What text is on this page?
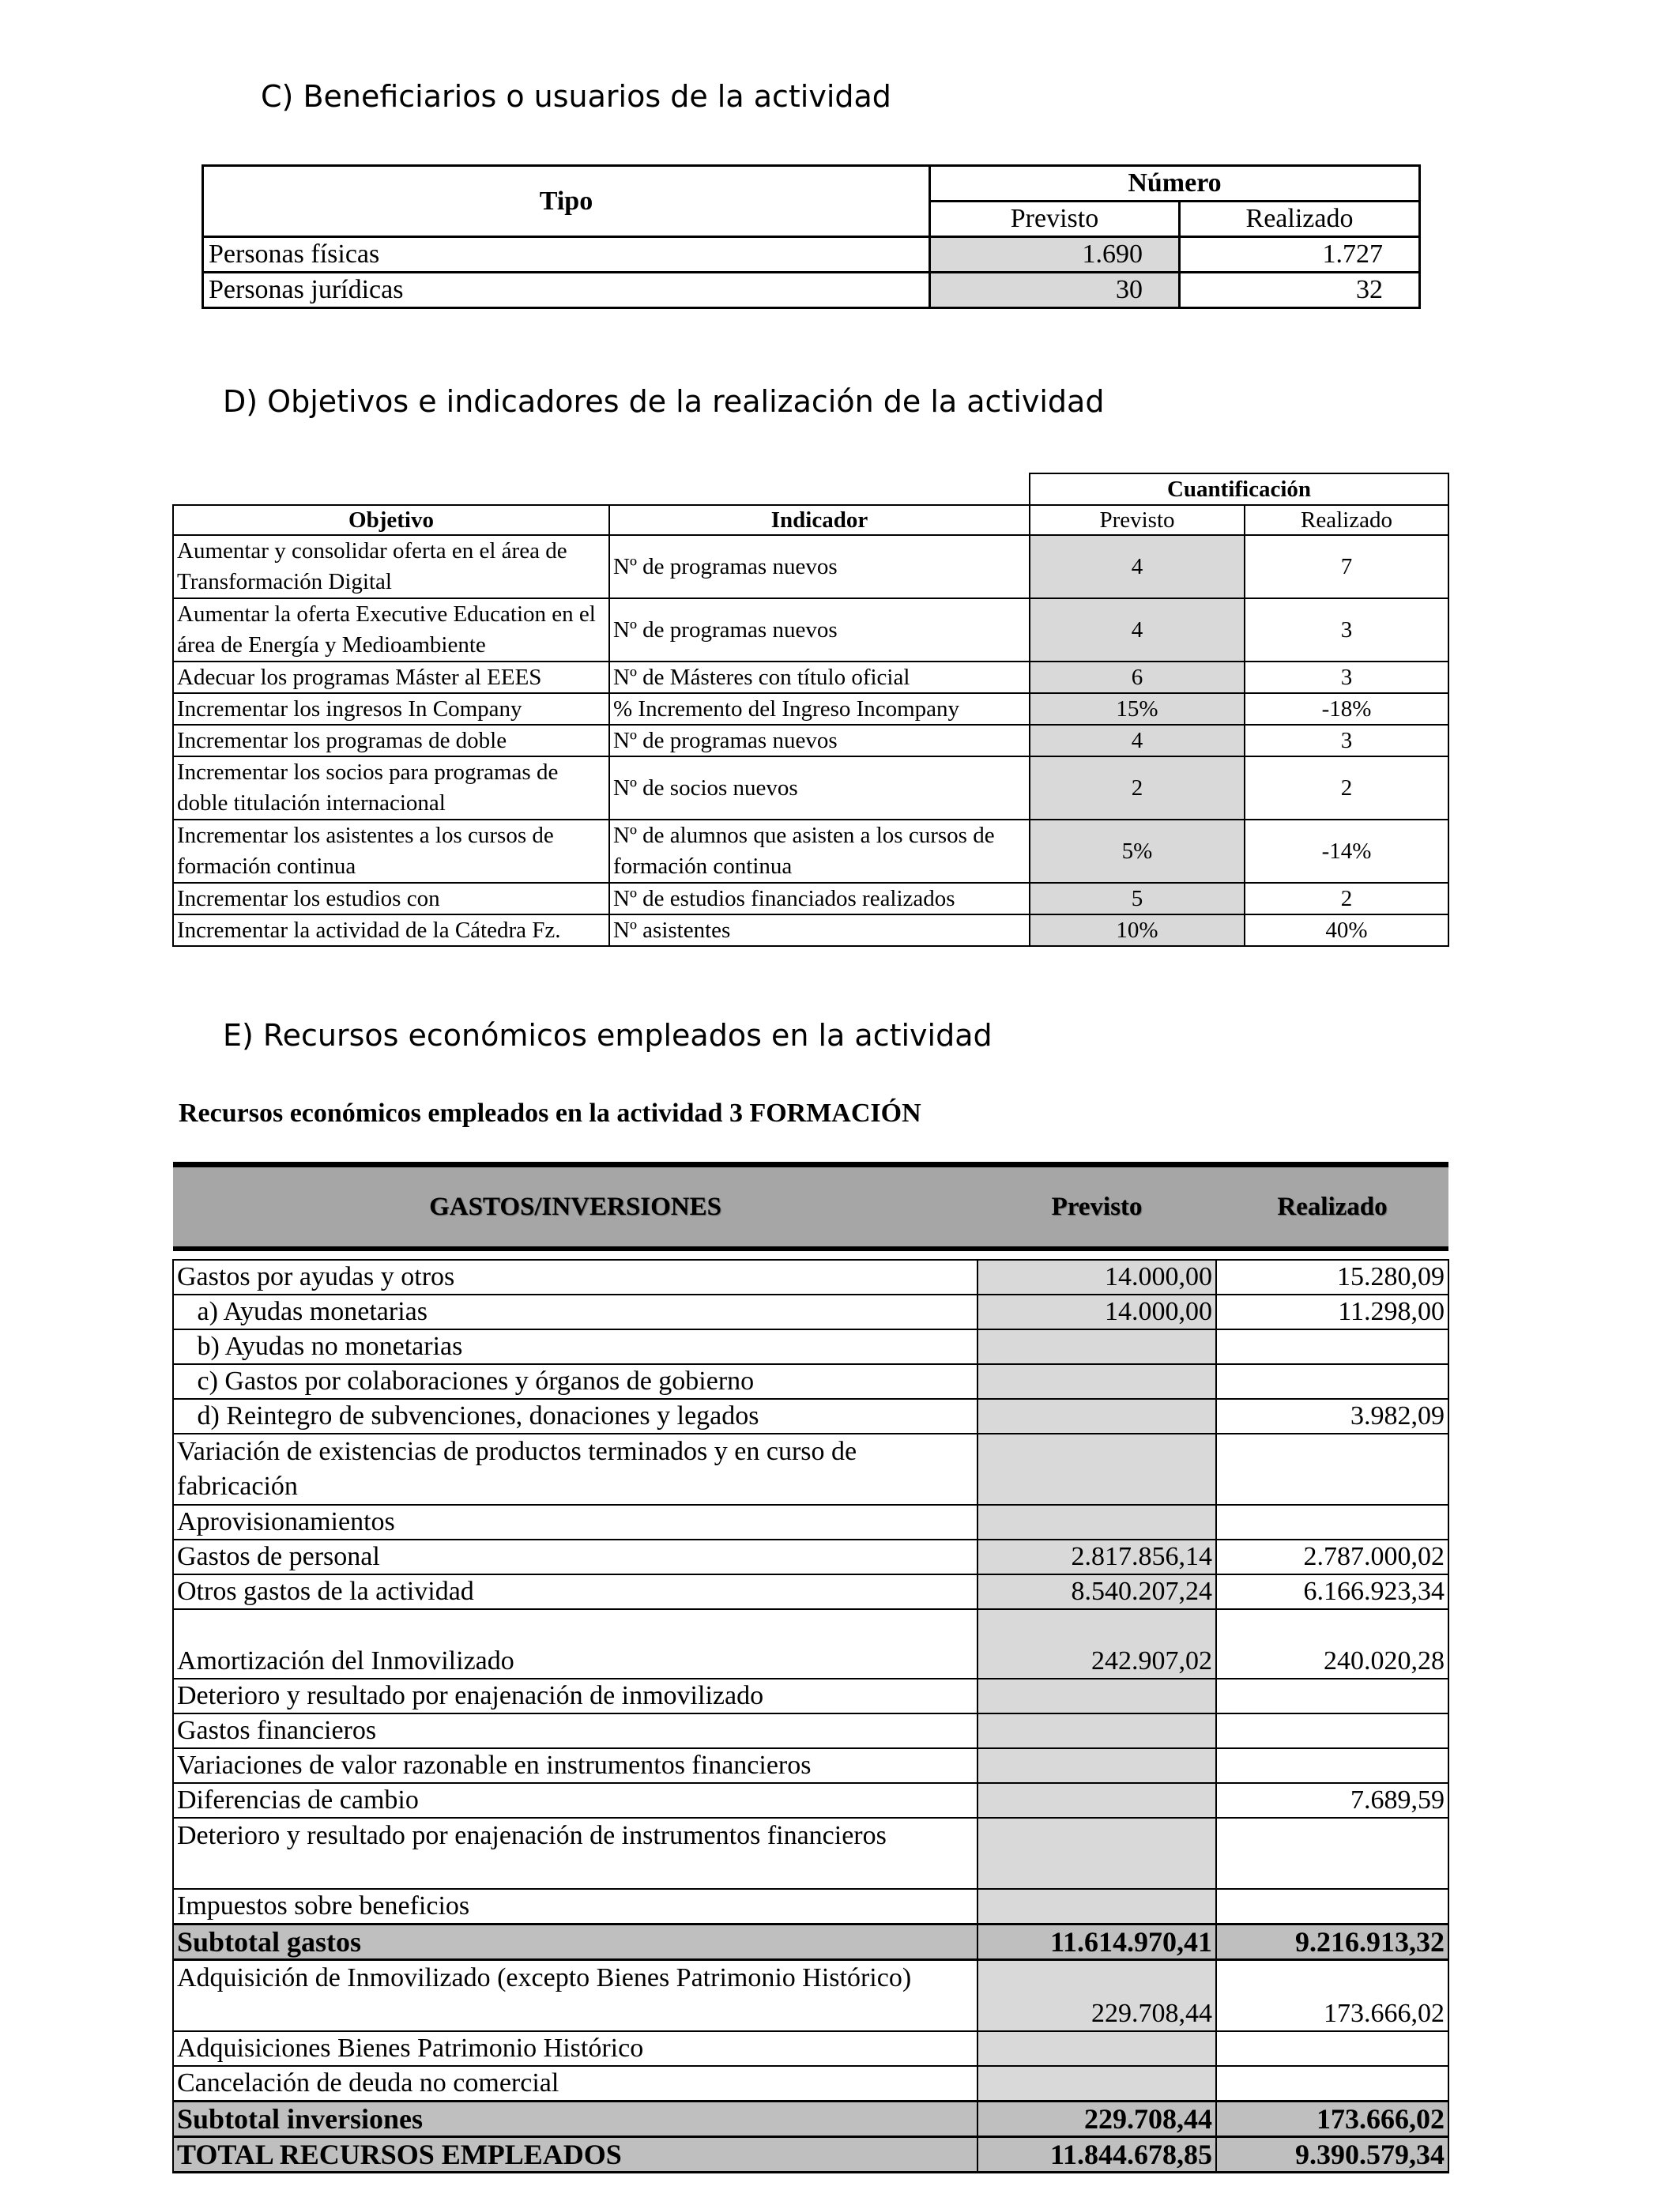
C) Beneficiarios o usuarios de la actividad
Tipo	Número	
	Previsto	Realizado
Personas físicas	1.690	1.727
Personas jurídicas	30	32
D) Objetivos e indicadores de la realización de la actividad
		Cuantificación	
Objetivo	Indicador	Previsto	Realizado
Aumentar y consolidar oferta en el área de Transformación Digital	Nº de programas nuevos	4	7
Aumentar la oferta Executive Education en el área de Energía y Medioambiente	Nº de programas nuevos	4	3
Adecuar los programas Máster al EEES	Nº de Másteres con título oficial	6	3
Incrementar los ingresos In Company	% Incremento del Ingreso Incompany	15%	-18%
Incrementar los programas de doble	Nº de programas nuevos	4	3
Incrementar los socios para programas de doble titulación internacional	Nº de socios nuevos	2	2
Incrementar los asistentes a los cursos de formación continua	Nº de alumnos que asisten a los cursos de formación continua	5%	-14%
Incrementar los estudios con	Nº de estudios financiados realizados	5	2
Incrementar la actividad de la Cátedra Fz.	Nº asistentes	10%	40%
E) Recursos económicos empleados en la actividad
Recursos económicos empleados en la actividad 3 FORMACIÓN
GASTOS/INVERSIONES	Previsto	Realizado

Gastos por ayudas y otros	14.000,00	15.280,09
a) Ayudas monetarias	14.000,00	11.298,00
b) Ayudas no monetarias		
c) Gastos por colaboraciones y órganos de gobierno		
d) Reintegro de subvenciones, donaciones y legados		3.982,09
Variación de existencias de productos terminados y en curso de fabricación		
Aprovisionamientos		
Gastos de personal	2.817.856,14	2.787.000,02
Otros gastos de la actividad	8.540.207,24	6.166.923,34
Amortización del Inmovilizado	242.907,02	240.020,28
Deterioro y resultado por enajenación de inmovilizado		
Gastos financieros		
Variaciones de valor razonable en instrumentos financieros		
Diferencias de cambio		7.689,59
Deterioro y resultado por enajenación de instrumentos financieros		
Impuestos sobre beneficios		
Subtotal gastos	11.614.970,41	9.216.913,32
Adquisición de Inmovilizado (excepto Bienes Patrimonio Histórico)	229.708,44	173.666,02
Adquisiciones Bienes Patrimonio Histórico		
Cancelación de deuda no comercial		
Subtotal inversiones	229.708,44	173.666,02
TOTAL RECURSOS EMPLEADOS	11.844.678,85	9.390.579,34
